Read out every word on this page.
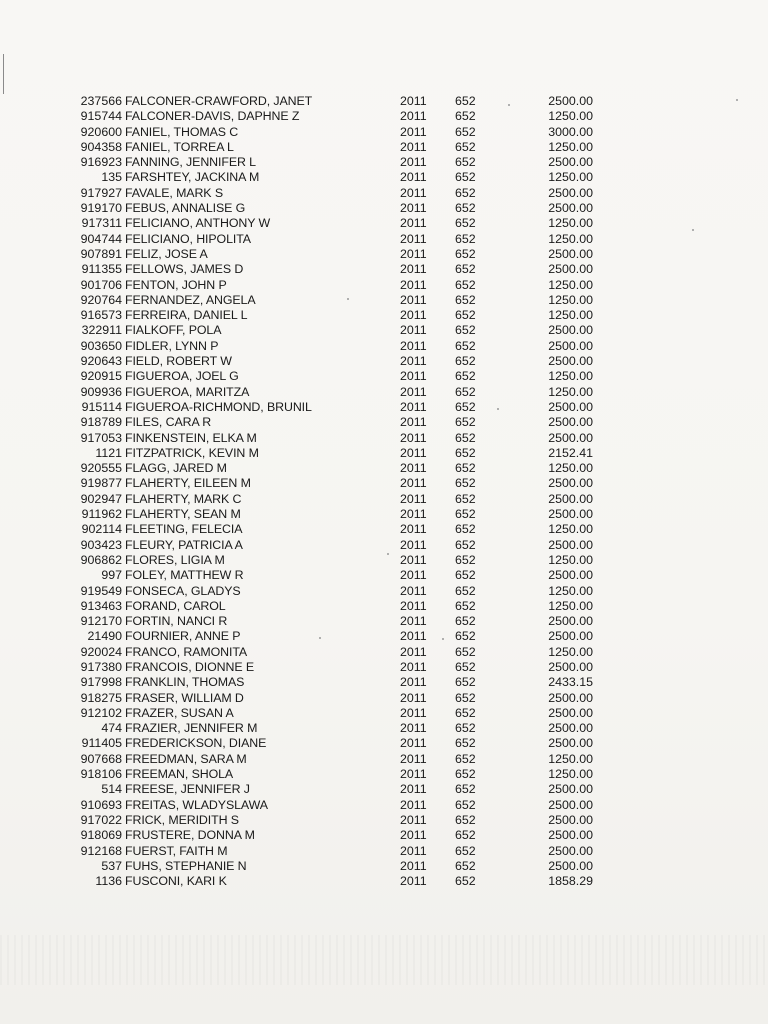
237566 FALCONER-CRAWFORD, JANET	2011 652	2500.00
915744 FALCONER-DAVIS, DAPHNE Z	2011 652	1250.00
920600 FANIEL, THOMAS C	2011 652	3000.00
904358 FANIEL, TORREA L	2011 652	1250.00
916923 FANNING, JENNIFER L	2011 652	2500.00
135 FARSHTEY, JACKINA M	2011 652	1250.00
917927 FAVALE, MARK S	2011 652	2500.00
919170 FEBUS, ANNALISE G	2011 652	2500.00
917311 FELICIANO, ANTHONY W	2011 652	1250.00
904744 FELICIANO, HIPOLITA	2011 652	1250.00
907891 FELIZ, JOSE A	2011 652	2500.00
911355 FELLOWS, JAMES D	2011 652	2500.00
901706 FENTON, JOHN P	2011 652	1250.00
920764 FERNANDEZ, ANGELA	2011 652	1250.00
916573 FERREIRA, DANIEL L	2011 652	1250.00
322911 FIALKOFF, POLA	2011 652	2500.00
903650 FIDLER, LYNN P	2011 652	2500.00
920643 FIELD, ROBERT W	2011 652	2500.00
920915 FIGUEROA, JOEL G	2011 652	1250.00
909936 FIGUEROA, MARITZA	2011 652	1250.00
915114 FIGUEROA-RICHMOND, BRUNIL	2011 652	2500.00
918789 FILES, CARA R	2011 652	2500.00
917053 FINKENSTEIN, ELKA M	2011 652	2500.00
1121 FITZPATRICK, KEVIN M	2011 652	2152.41
920555 FLAGG, JARED M	2011 652	1250.00
919877 FLAHERTY, EILEEN M	2011 652	2500.00
902947 FLAHERTY, MARK C	2011 652	2500.00
911962 FLAHERTY, SEAN M	2011 652	2500.00
902114 FLEETING, FELECIA	2011 652	1250.00
903423 FLEURY, PATRICIA A	2011 652	2500.00
906862 FLORES, LIGIA M	2011 652	1250.00
997 FOLEY, MATTHEW R	2011 652	2500.00
919549 FONSECA, GLADYS	2011 652	1250.00
913463 FORAND, CAROL	2011 652	1250.00
912170 FORTIN, NANCI R	2011 652	2500.00
21490 FOURNIER, ANNE P	2011 652	2500.00
920024 FRANCO, RAMONITA	2011 652	1250.00
917380 FRANCOIS, DIONNE E	2011 652	2500.00
917998 FRANKLIN, THOMAS	2011 652	2433.15
918275 FRASER, WILLIAM D	2011 652	2500.00
912102 FRAZER, SUSAN A	2011 652	2500.00
474 FRAZIER, JENNIFER M	2011 652	2500.00
911405 FREDERICKSON, DIANE	2011 652	2500.00
907668 FREEDMAN, SARA M	2011 652	1250.00
918106 FREEMAN, SHOLA	2011 652	1250.00
514 FREESE, JENNIFER J	2011 652	2500.00
910693 FREITAS, WLADYSLAWA	2011 652	2500.00
917022 FRICK, MERIDITH S	2011 652	2500.00
918069 FRUSTERE, DONNA M	2011 652	2500.00
912168 FUERST, FAITH M	2011 652	2500.00
537 FUHS, STEPHANIE N	2011 652	2500.00
1136 FUSCONI, KARI K	2011 652	1858.29
